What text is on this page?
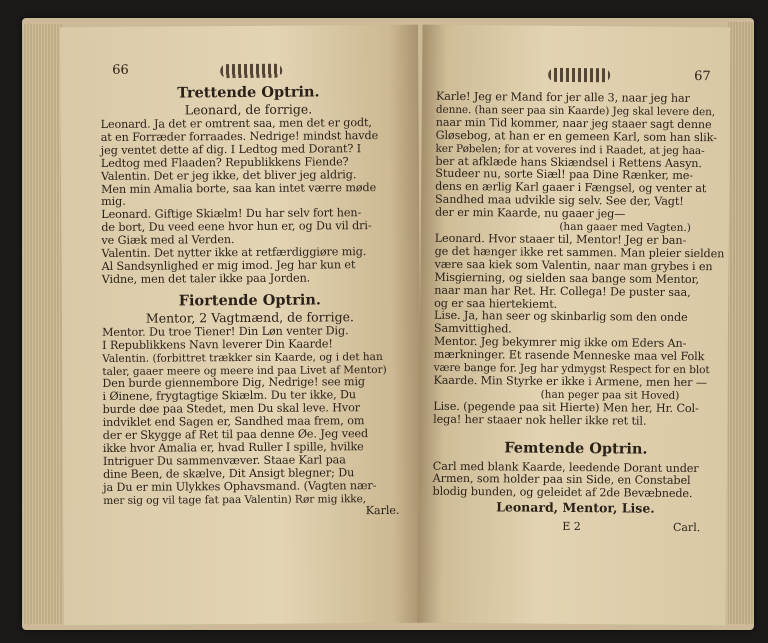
66
Trettende Optrin.
Leonard, de forrige.
Leonard. Ja det er omtrent saa, men det er godt,
at en Forræder forraades. Nedrige! mindst havde
jeg ventet dette af dig. I Ledtog med Dorant? I
Ledtog med Flaaden? Republikkens Fiende?
Valentin. Det er jeg ikke, det bliver jeg aldrig.
Men min Amalia borte, saa kan intet værre møde
mig.
Leonard. Giftige Skiælm! Du har selv fort hen-
de bort, Du veed eene hvor hun er, og Du vil dri-
ve Giæk med al Verden.
Valentin. Det nytter ikke at retfærdiggiøre mig.
Al Sandsynlighed er mig imod. Jeg har kun et
Vidne, men det taler ikke paa Jorden.
Fiortende Optrin.
Mentor, 2 Vagtmænd, de forrige.
Mentor. Du troe Tiener! Din Løn venter Dig.
I Republikkens Navn leverer Din Kaarde!
Valentin. (forbittret trækker sin Kaarde, og i det han
taler, gaaer meere og meere ind paa Livet af Mentor)
Den burde giennembore Dig, Nedrige! see mig
i Øinene, frygtagtige Skiælm. Du ter ikke, Du
burde døe paa Stedet, men Du skal leve. Hvor
indviklet end Sagen er, Sandhed maa frem, om
der er Skygge af Ret til paa denne Øe. Jeg veed
ikke hvor Amalia er, hvad Ruller I spille, hvilke
Intriguer Du sammenvæver. Staae Karl paa
dine Been, de skælve, Dit Ansigt blegner; Du
ja Du er min Ulykkes Ophavsmand. (Vagten nær-
mer sig og vil tage fat paa Valentin) Rør mig ikke,
Karle.
67
Karle! Jeg er Mand for jer alle 3, naar jeg har
denne. (han seer paa sin Kaarde) Jeg skal levere den,
naar min Tid kommer, naar jeg staaer sagt denne
Gløsebog, at han er en gemeen Karl, som han slik-
ker Pøbelen; for at voveres ind i Raadet, at jeg haa-
ber at afklæde hans Skiændsel i Rettens Aasyn.
Studeer nu, sorte Siæl! paa Dine Rænker, me-
dens en ærlig Karl gaaer i Fængsel, og venter at
Sandhed maa udvikle sig selv. See der, Vagt!
der er min Kaarde, nu gaaer jeg—
(han gaaer med Vagten.)
Leonard. Hvor staaer til, Mentor! Jeg er ban-
ge det hænger ikke ret sammen. Man pleier sielden
være saa kiek som Valentin, naar man grybes i en
Misgierning, og sielden saa bange som Mentor,
naar man har Ret. Hr. Collega! De puster saa,
og er saa hiertekiemt.
Lise. Ja, han seer og skinbarlig som den onde
Samvittighed.
Mentor. Jeg bekymrer mig ikke om Eders An-
mærkninger. Et rasende Menneske maa vel Folk
være bange for. Jeg har ydmygst Respect for en blot
Kaarde. Min Styrke er ikke i Armene, men her —
(han peger paa sit Hoved)
Lise. (pegende paa sit Hierte) Men her, Hr. Col-
lega! her staaer nok heller ikke ret til.
Femtende Optrin.
Carl med blank Kaarde, leedende Dorant under
Armen, som holder paa sin Side, en Constabel
blodig bunden, og geleidet af 2de Bevæbnede.
Leonard, Mentor, Lise.
E 2	Carl.
